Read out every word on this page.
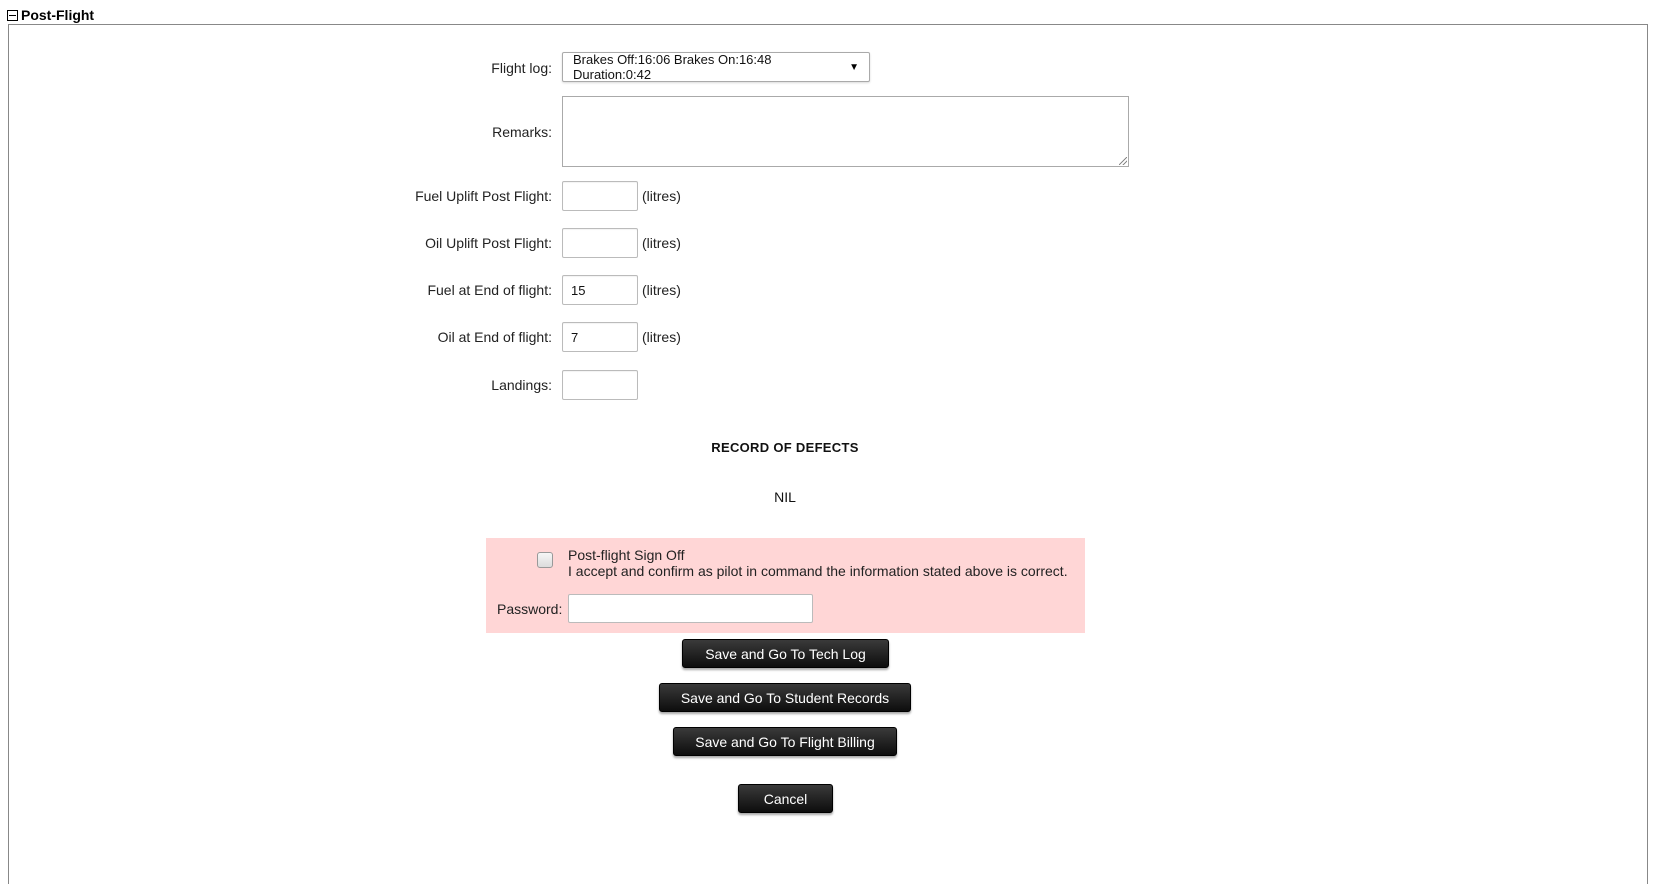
Post-Flight
Flight log:
Brakes Off:16:06 Brakes On:16:48 Duration:0:42	▼
Remarks:
Fuel Uplift Post Flight:	(litres)
Oil Uplift Post Flight:	(litres)
Fuel at End of flight: 15	(litres)
Oil at End of flight: 7	(litres)
Landings:
RECORD OF DEFECTS
NIL
Post-flight Sign Off
I accept and confirm as pilot in command the information stated above is correct.
Password:
Save and Go To Tech Log
Save and Go To Student Records
Save and Go To Flight Billing
Cancel
